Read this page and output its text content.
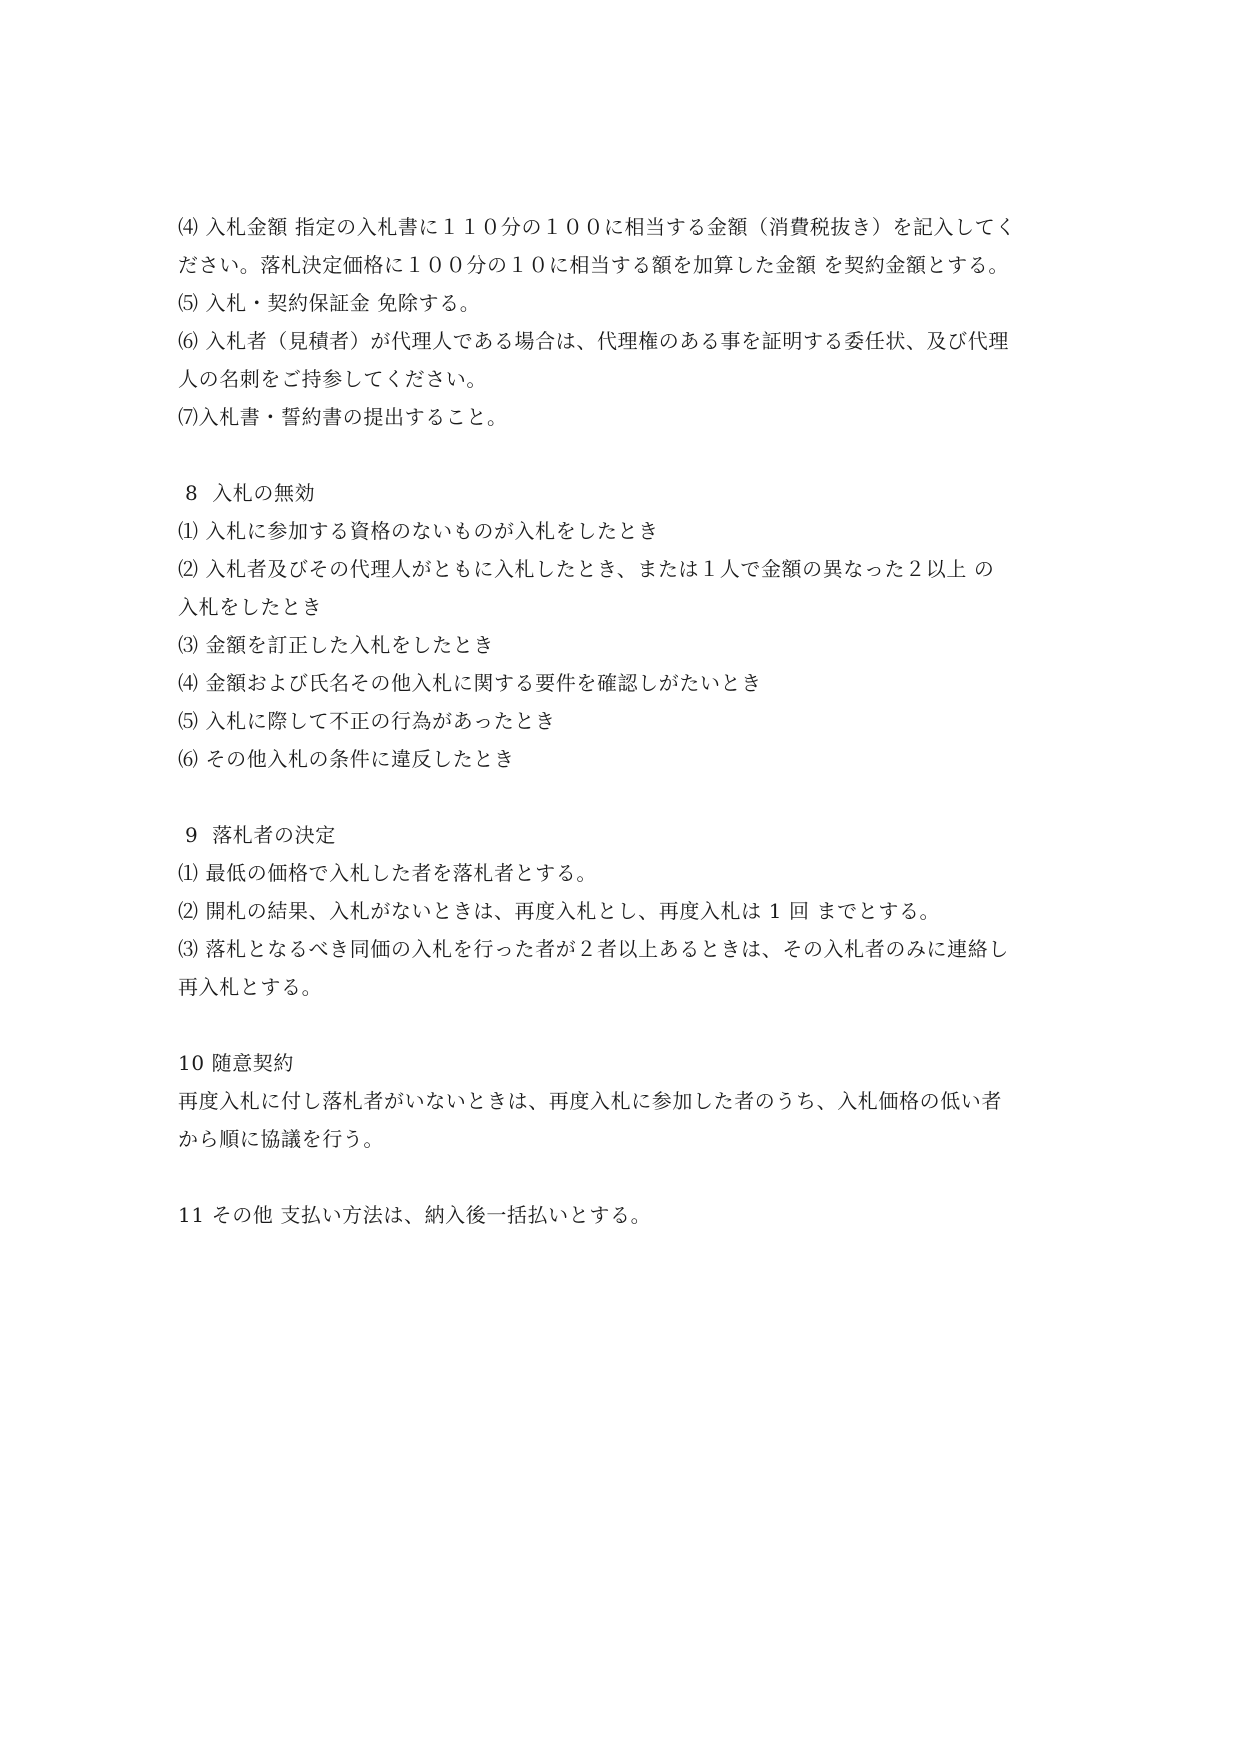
⑷ 入札金額 指定の入札書に１１０分の１００に相当する金額（消費税抜き）を記入してく
ださい。落札決定価格に１００分の１０に相当する額を加算した金額 を契約金額とする。
⑸ 入札・契約保証金 免除する。
⑹ 入札者（見積者）が代理人である場合は、代理権のある事を証明する委任状、及び代理
人の名刺をご持参してください。
⑺入札書・誓約書の提出すること。
8  入札の無効
⑴ 入札に参加する資格のないものが入札をしたとき
⑵ 入札者及びその代理人がともに入札したとき、または１人で金額の異なった２以上 の
入札をしたとき
⑶ 金額を訂正した入札をしたとき
⑷ 金額および氏名その他入札に関する要件を確認しがたいとき
⑸ 入札に際して不正の行為があったとき
⑹ その他入札の条件に違反したとき
9  落札者の決定
⑴ 最低の価格で入札した者を落札者とする。
⑵ 開札の結果、入札がないときは、再度入札とし、再度入札は 1 回 までとする。
⑶ 落札となるべき同価の入札を行った者が２者以上あるときは、その入札者のみに連絡し
再入札とする。
10 随意契約
再度入札に付し落札者がいないときは、再度入札に参加した者のうち、入札価格の低い者
から順に協議を行う。
11 その他 支払い方法は、納入後一括払いとする。
